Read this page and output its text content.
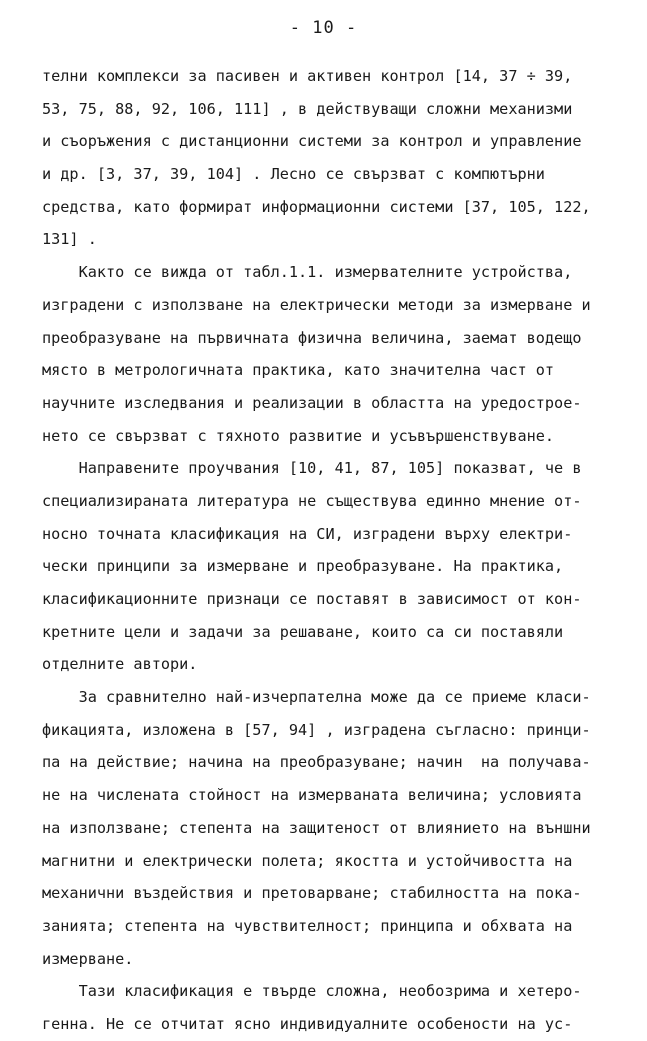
- 10 -
телни комплекси за пасивен и активен контрол [14, 37 ÷ 39,
53, 75, 88, 92, 106, 111] , в действуващи сложни механизми
и съоръжения с дистанционни системи за контрол и управление
и др. [3, 37, 39, 104] . Лесно се свързват с компютърни
средства, като формират информационни системи [37, 105, 122,
131] .
Както се вижда от табл.1.1. измервателните устройства,
изградени с използване на електрически методи за измерване и
преобразуване на първичната физична величина, заемат водещо
място в метрологичната практика, като значителна част от
научните изследвания и реализации в областта на уредострое-
нето се свързват с тяхното развитие и усъвършенствуване.
Направените проучвания [10, 41, 87, 105] показват, че в
специализираната литература не съществува единно мнение от-
носно точната класификация на СИ, изградени върху електри-
чески принципи за измерване и преобразуване. На практика,
класификационните признаци се поставят в зависимост от кон-
кретните цели и задачи за решаване, които са си поставяли
отделните автори.
За сравнително най-изчерпателна може да се приеме класи-
фикацията, изложена в [57, 94] , изградена съгласно: принци-
па на действие; начина на преобразуване; начин  на получава-
не на числената стойност на измерваната величина; условията
на използване; степента на защитеност от влиянието на външни
магнитни и електрически полета; якостта и устойчивостта на
механични въздействия и претоварване; стабилността на пока-
занията; степента на чувствителност; принципа и обхвата на
измерване.
Тази класификация е твърде сложна, необозрима и хетеро-
генна. Не се отчитат ясно индивидуалните особености на ус-
